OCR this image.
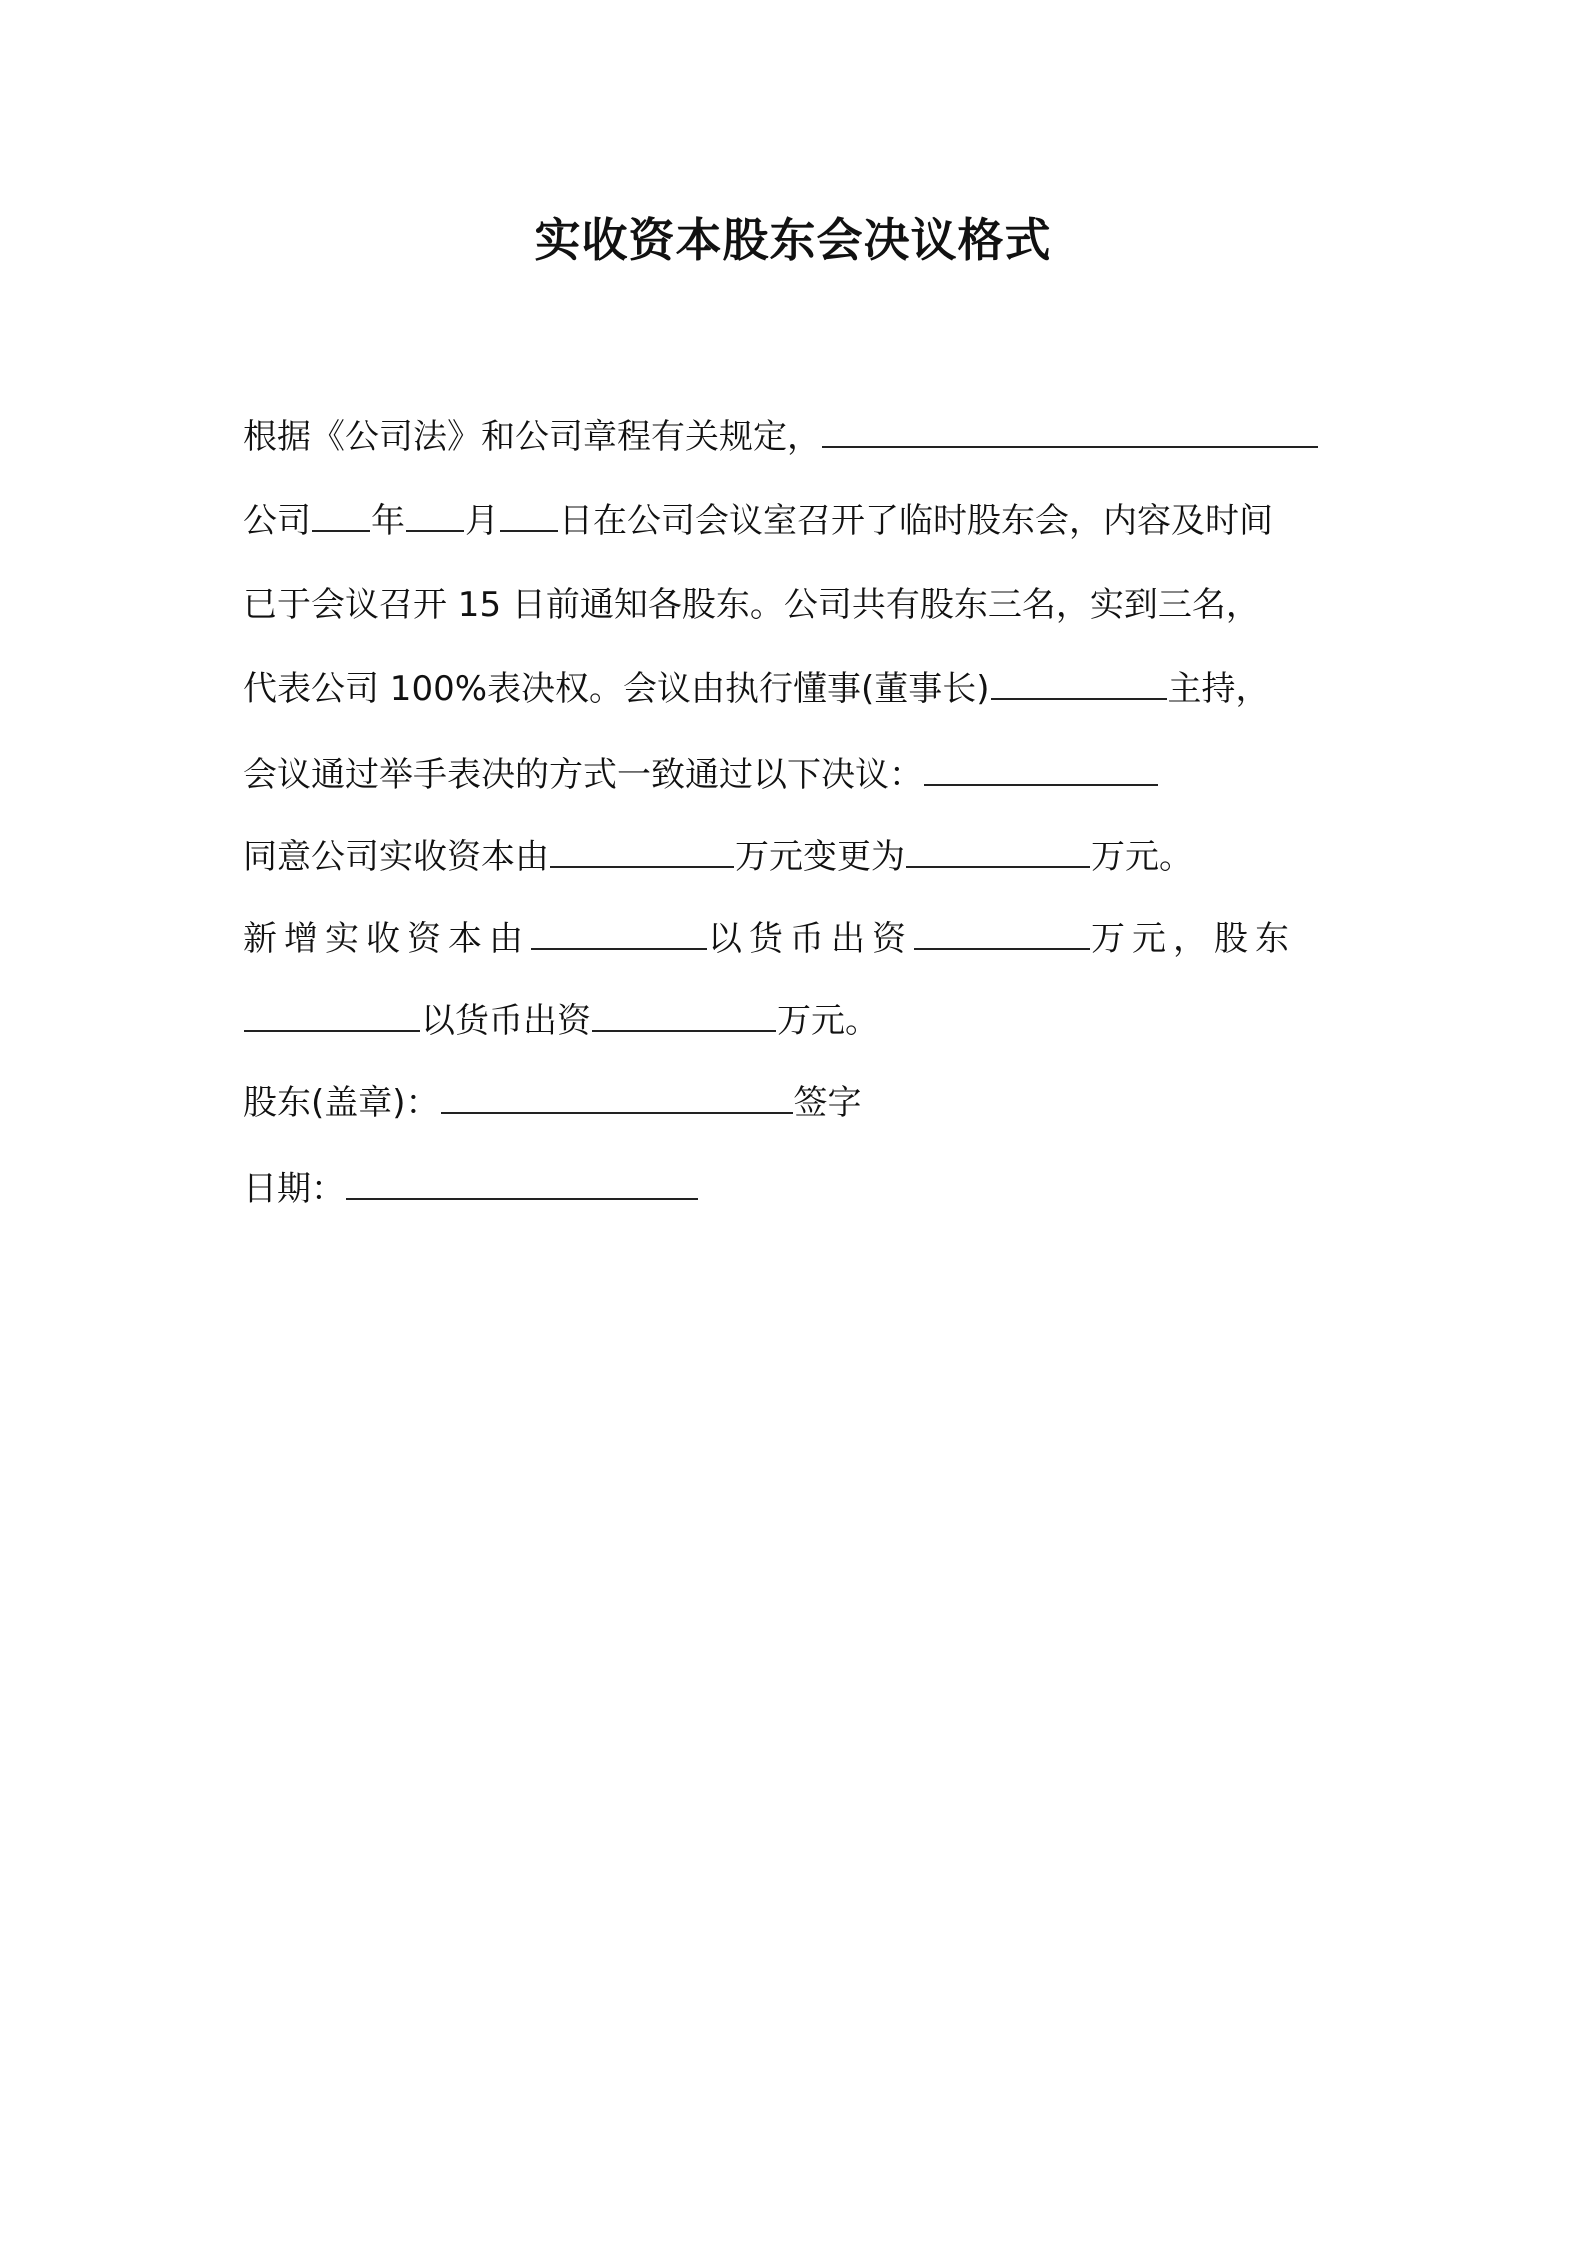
实收资本股东会决议格式
根据《公司法》和公司章程有关规定，
公司 年 月 日在公司会议室召开了临时股东会，内容及时间
已于会议召开 15 日前通知各股东。公司共有股东三名，实到三名，
代表公司 100%表决权。会议由执行懂事(董事长)	主持，
会议通过举手表决的方式一致通过以下决议：
同意公司实收资本由	万元变更为	万元。
新增实收资本由	以货币出资	万元，股东
以货币出资	万元。
股东(盖章)：	签字
日期：
